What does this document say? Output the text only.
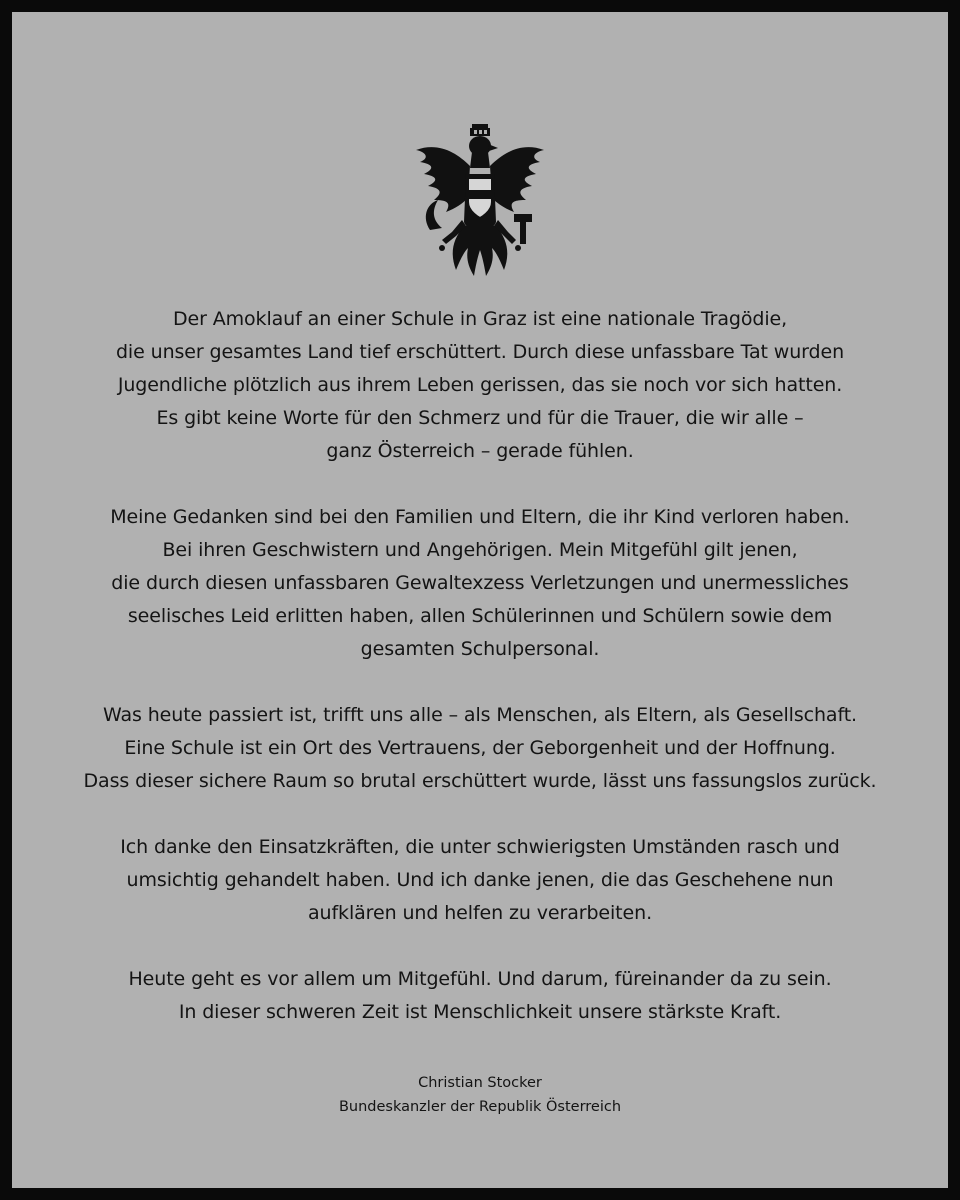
Der Amoklauf an einer Schule in Graz ist eine nationale Tragödie,
die unser gesamtes Land tief erschüttert. Durch diese unfassbare Tat wurden
Jugendliche plötzlich aus ihrem Leben gerissen, das sie noch vor sich hatten.
Es gibt keine Worte für den Schmerz und für die Trauer, die wir alle –
ganz Österreich – gerade fühlen.

Meine Gedanken sind bei den Familien und Eltern, die ihr Kind verloren haben.
Bei ihren Geschwistern und Angehörigen. Mein Mitgefühl gilt jenen,
die durch diesen unfassbaren Gewaltexzess Verletzungen und unermessliches
seelisches Leid erlitten haben, allen Schülerinnen und Schülern sowie dem
gesamten Schulpersonal.

Was heute passiert ist, trifft uns alle – als Menschen, als Eltern, als Gesellschaft.
Eine Schule ist ein Ort des Vertrauens, der Geborgenheit und der Hoffnung.
Dass dieser sichere Raum so brutal erschüttert wurde, lässt uns fassungslos zurück.

Ich danke den Einsatzkräften, die unter schwierigsten Umständen rasch und
umsichtig gehandelt haben. Und ich danke jenen, die das Geschehene nun
aufklären und helfen zu verarbeiten.

Heute geht es vor allem um Mitgefühl. Und darum, füreinander da zu sein.
In dieser schweren Zeit ist Menschlichkeit unsere stärkste Kraft.

Christian Stocker
Bundeskanzler der Republik Österreich
